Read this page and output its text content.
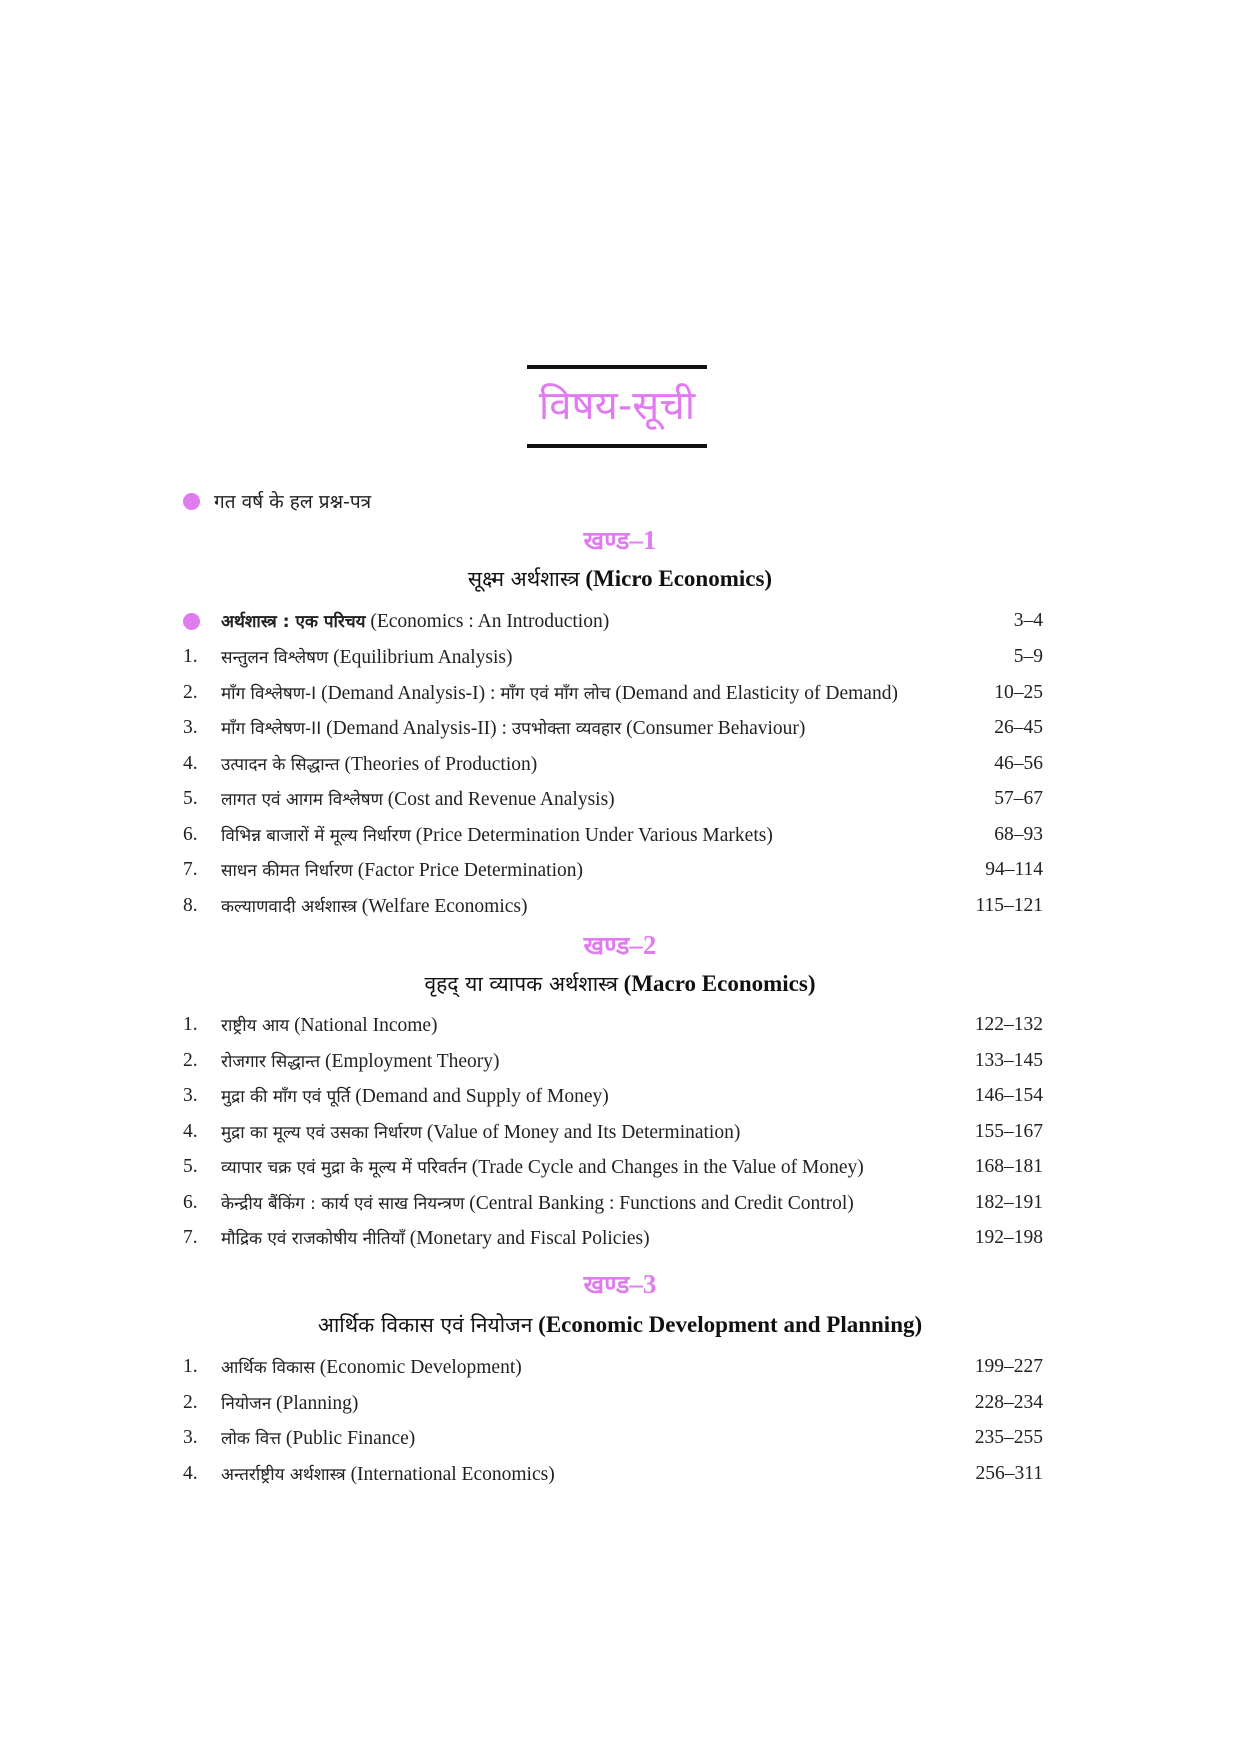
विषय-सूची
गत वर्ष के हल प्रश्न-पत्र
खण्ड–1
सूक्ष्म अर्थशास्त्र (Micro Economics)
अर्थशास्त्र : एक परिचय (Economics : An Introduction)	3–4
1.	सन्तुलन विश्लेषण (Equilibrium Analysis)	5–9
2.	माँग विश्लेषण-I (Demand Analysis-I) : माँग एवं माँग लोच (Demand and Elasticity of Demand)	10–25
3.	माँग विश्लेषण-II (Demand Analysis-II) : उपभोक्ता व्यवहार (Consumer Behaviour)	26–45
4.	उत्पादन के सिद्धान्त (Theories of Production)	46–56
5.	लागत एवं आगम विश्लेषण (Cost and Revenue Analysis)	57–67
6.	विभिन्न बाजारों में मूल्य निर्धारण (Price Determination Under Various Markets)	68–93
7.	साधन कीमत निर्धारण (Factor Price Determination)	94–114
8.	कल्याणवादी अर्थशास्त्र (Welfare Economics)	115–121
खण्ड–2
वृहद् या व्यापक अर्थशास्त्र (Macro Economics)
1.	राष्ट्रीय आय (National Income)	122–132
2.	रोजगार सिद्धान्त (Employment Theory)	133–145
3.	मुद्रा की माँग एवं पूर्ति (Demand and Supply of Money)	146–154
4.	मुद्रा का मूल्य एवं उसका निर्धारण (Value of Money and Its Determination)	155–167
5.	व्यापार चक्र एवं मुद्रा के मूल्य में परिवर्तन (Trade Cycle and Changes in the Value of Money)	168–181
6.	केन्द्रीय बैंकिंग : कार्य एवं साख नियन्त्रण (Central Banking : Functions and Credit Control)	182–191
7.	मौद्रिक एवं राजकोषीय नीतियाँ (Monetary and Fiscal Policies)	192–198
खण्ड–3
आर्थिक विकास एवं नियोजन (Economic Development and Planning)
1.	आर्थिक विकास (Economic Development)	199–227
2.	नियोजन (Planning)	228–234
3.	लोक वित्त (Public Finance)	235–255
4.	अन्तर्राष्ट्रीय अर्थशास्त्र (International Economics)	256–311
